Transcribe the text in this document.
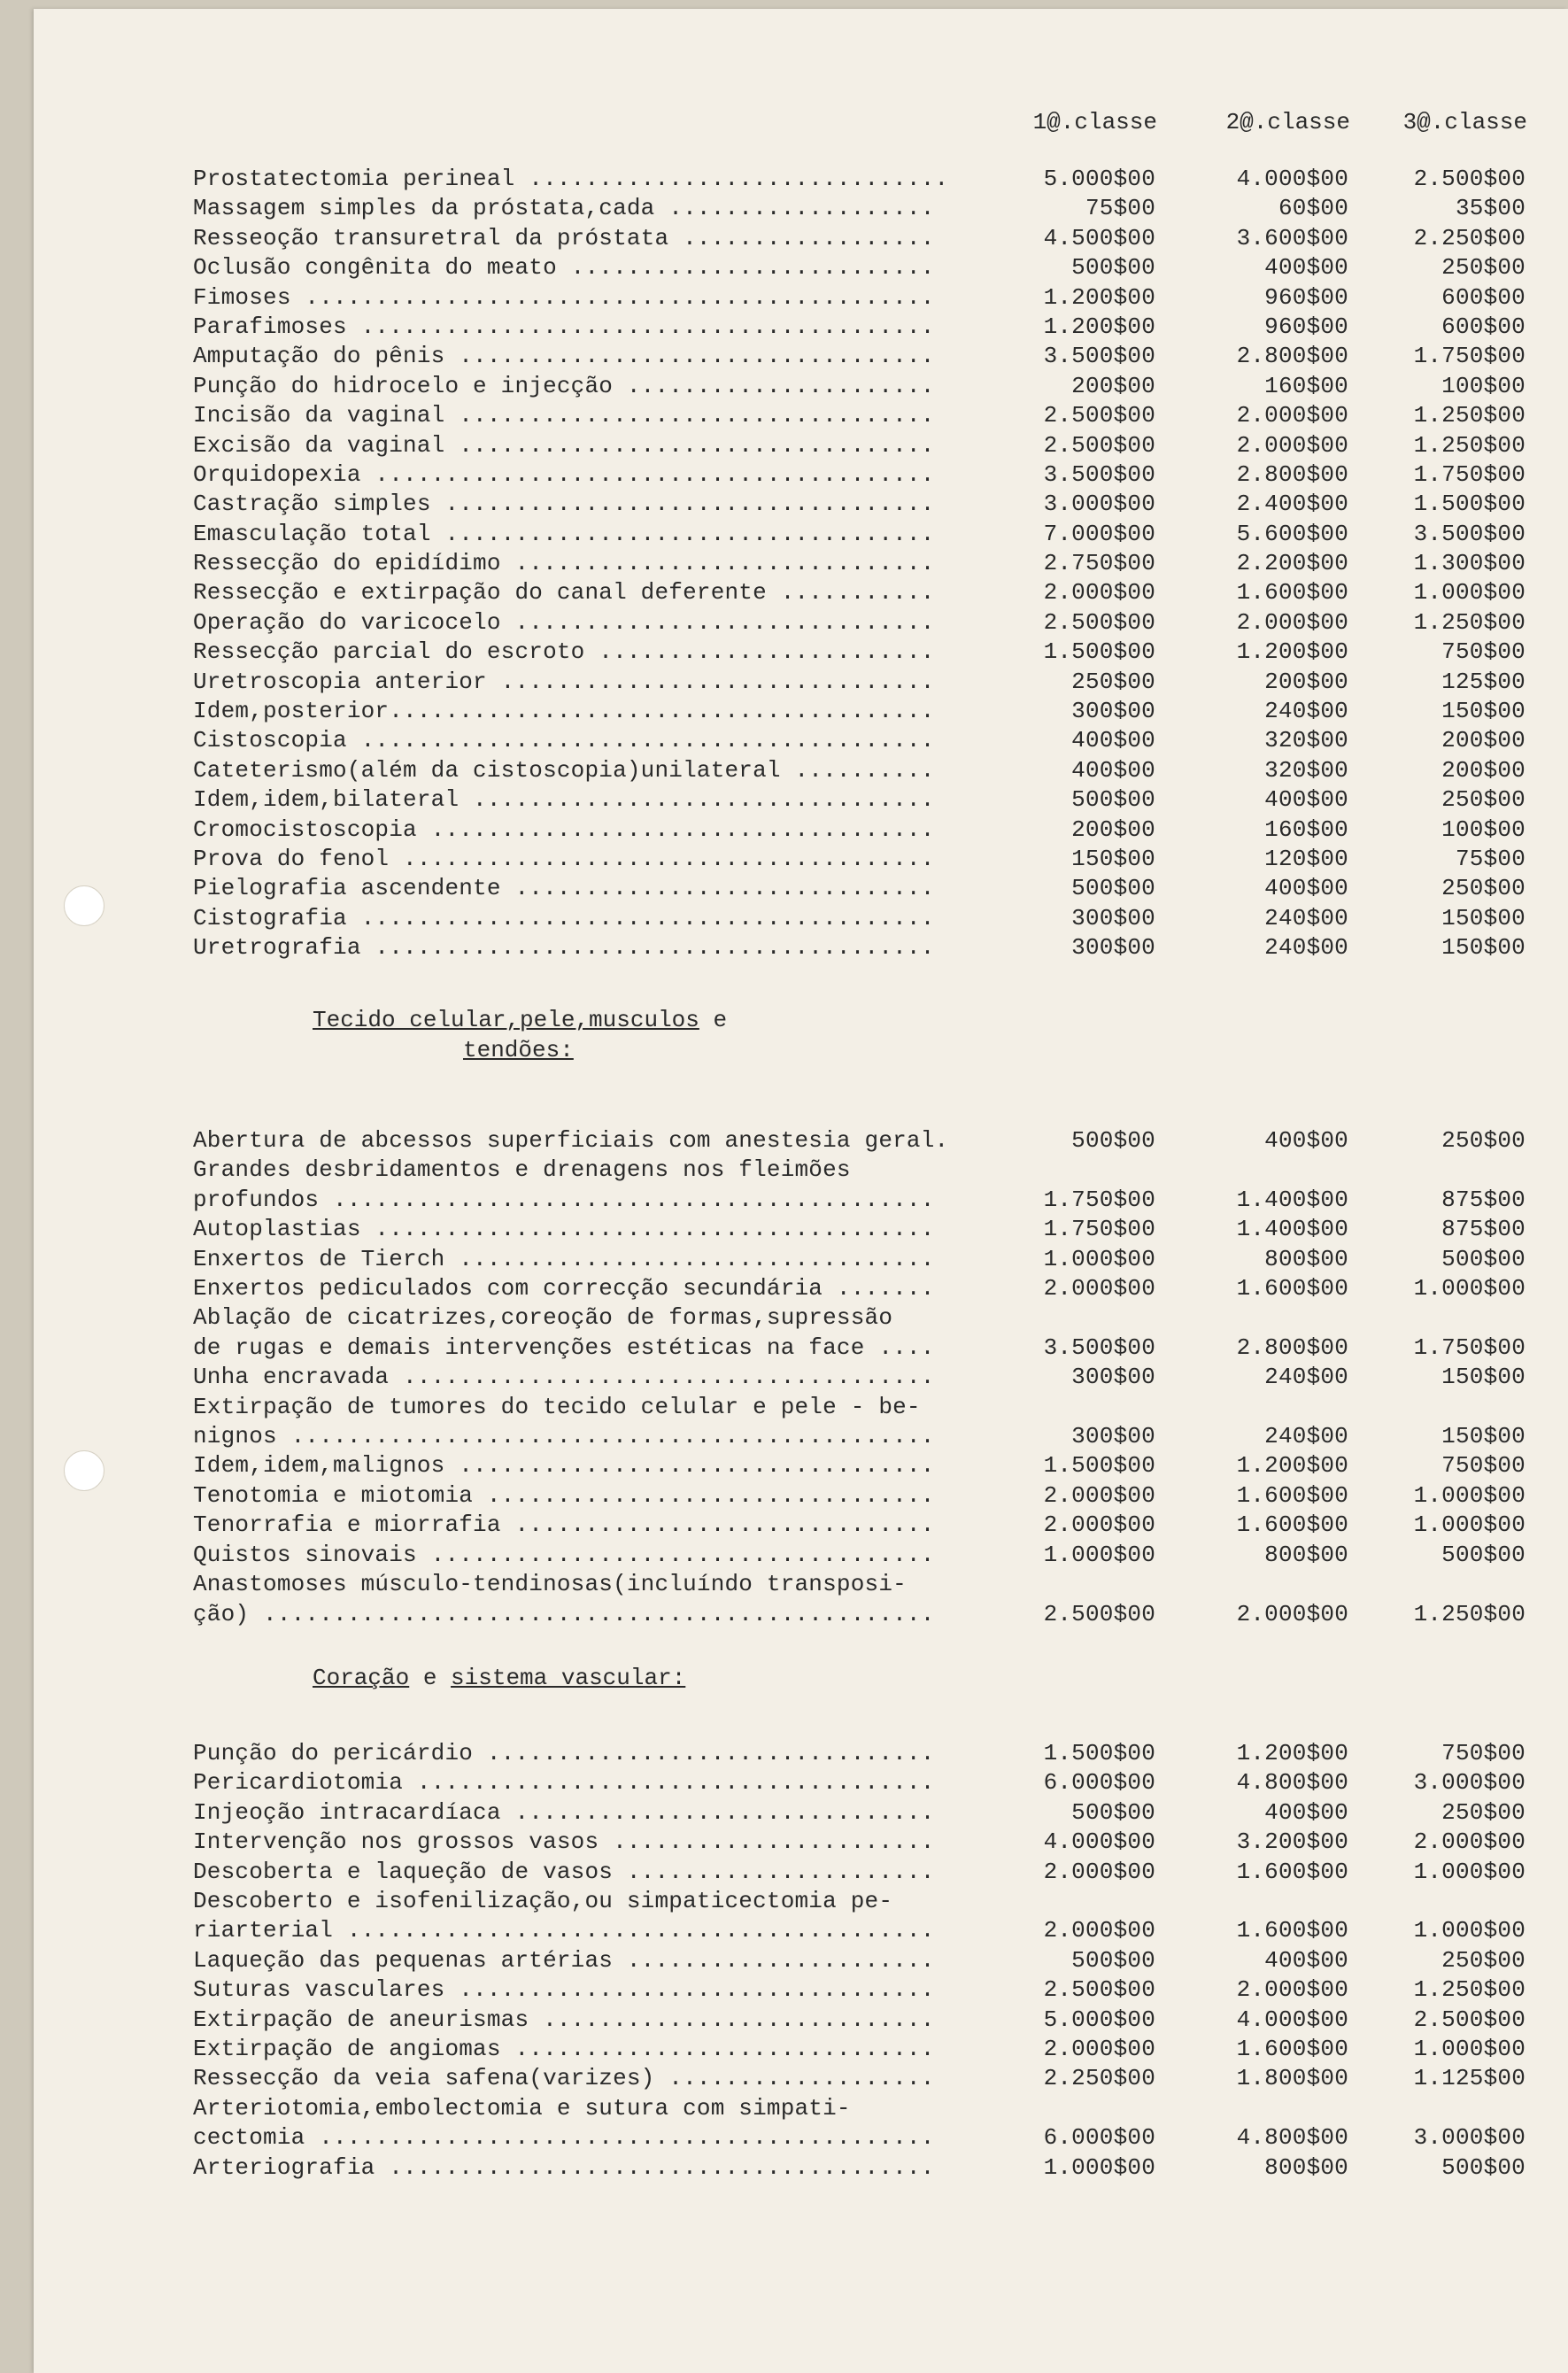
1@.classe	2@.classe	3@.classe
Prostatectomia perineal ..............................	5.000$00	4.000$00	2.500$00
Massagem simples da próstata,cada ...................	75$00	60$00	35$00
Resseoção transuretral da próstata ..................	4.500$00	3.600$00	2.250$00
Oclusão congênita do meato ..........................	500$00	400$00	250$00
Fimoses .............................................	1.200$00	960$00	600$00
Parafimoses .........................................	1.200$00	960$00	600$00
Amputação do pênis ..................................	3.500$00	2.800$00	1.750$00
Punção do hidrocelo e injecção ......................	200$00	160$00	100$00
Incisão da vaginal ..................................	2.500$00	2.000$00	1.250$00
Excisão da vaginal ..................................	2.500$00	2.000$00	1.250$00
Orquidopexia ........................................	3.500$00	2.800$00	1.750$00
Castração simples ...................................	3.000$00	2.400$00	1.500$00
Emasculação total ...................................	7.000$00	5.600$00	3.500$00
Ressecção do epidídimo ..............................	2.750$00	2.200$00	1.300$00
Ressecção e extirpação do canal deferente ...........	2.000$00	1.600$00	1.000$00
Operação do varicocelo ..............................	2.500$00	2.000$00	1.250$00
Ressecção parcial do escroto ........................	1.500$00	1.200$00	750$00
Uretroscopia anterior ...............................	250$00	200$00	125$00
Idem,posterior.......................................	300$00	240$00	150$00
Cistoscopia .........................................	400$00	320$00	200$00
Cateterismo(além da cistoscopia)unilateral ..........	400$00	320$00	200$00
Idem,idem,bilateral .................................	500$00	400$00	250$00
Cromocistoscopia ....................................	200$00	160$00	100$00
Prova do fenol ......................................	150$00	120$00	75$00
Pielografia ascendente ..............................	500$00	400$00	250$00
Cistografia .........................................	300$00	240$00	150$00
Uretrografia ........................................	300$00	240$00	150$00
Tecido celular,pele,musculos e
tendões:
Abertura de abcessos superficiais com anestesia geral.	500$00	400$00	250$00
Grandes desbridamentos e drenagens nos fleimões
profundos ...........................................	1.750$00	1.400$00	875$00
Autoplastias ........................................	1.750$00	1.400$00	875$00
Enxertos de Tierch ..................................	1.000$00	800$00	500$00
Enxertos pediculados com correcção secundária .......	2.000$00	1.600$00	1.000$00
Ablação de cicatrizes,coreoção de formas,supressão
de rugas e demais intervenções estéticas na face ....	3.500$00	2.800$00	1.750$00
Unha encravada ......................................	300$00	240$00	150$00
Extirpação de tumores do tecido celular e pele - be-
nignos ..............................................	300$00	240$00	150$00
Idem,idem,malignos ..................................	1.500$00	1.200$00	750$00
Tenotomia e miotomia ................................	2.000$00	1.600$00	1.000$00
Tenorrafia e miorrafia ..............................	2.000$00	1.600$00	1.000$00
Quistos sinovais ....................................	1.000$00	800$00	500$00
Anastomoses músculo-tendinosas(incluíndo transposi-
ção) ................................................	2.500$00	2.000$00	1.250$00
Coração e sistema vascular:
Punção do pericárdio ................................	1.500$00	1.200$00	750$00
Pericardiotomia .....................................	6.000$00	4.800$00	3.000$00
Injeoção intracardíaca ..............................	500$00	400$00	250$00
Intervenção nos grossos vasos .......................	4.000$00	3.200$00	2.000$00
Descoberta e laqueção de vasos ......................	2.000$00	1.600$00	1.000$00
Descoberto e isofenilização,ou simpaticectomia pe-
riarterial ..........................................	2.000$00	1.600$00	1.000$00
Laqueção das pequenas artérias ......................	500$00	400$00	250$00
Suturas vasculares ..................................	2.500$00	2.000$00	1.250$00
Extirpação de aneurismas ............................	5.000$00	4.000$00	2.500$00
Extirpação de angiomas ..............................	2.000$00	1.600$00	1.000$00
Ressecção da veia safena(varizes) ...................	2.250$00	1.800$00	1.125$00
Arteriotomia,embolectomia e sutura com simpati-
cectomia ............................................	6.000$00	4.800$00	3.000$00
Arteriografia .......................................	1.000$00	800$00	500$00
